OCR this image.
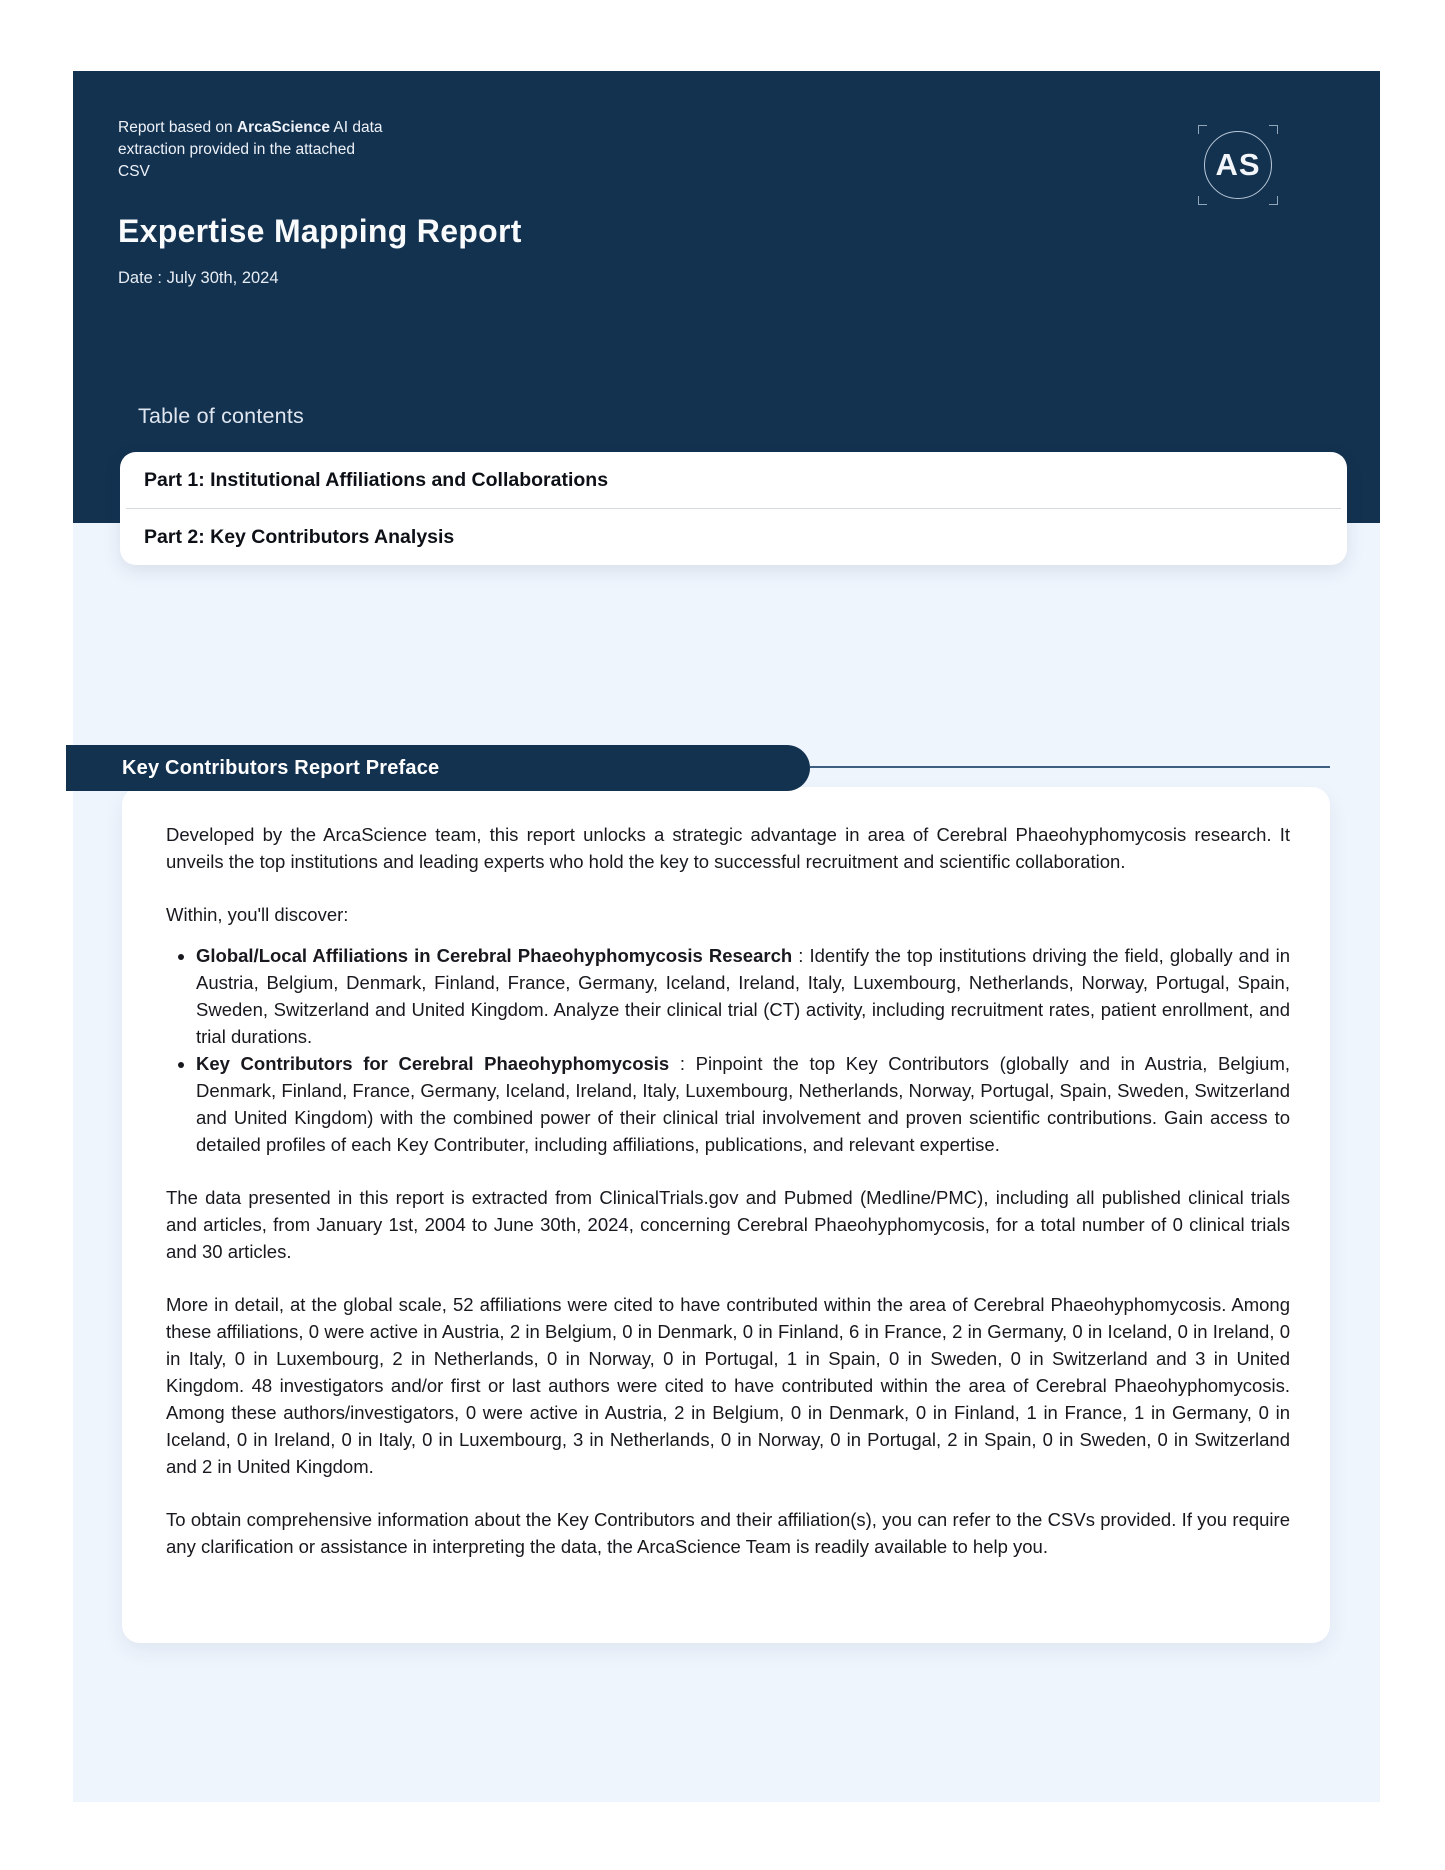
Report based on ArcaScience AI data extraction provided in the attached CSV	AS
Expertise Mapping Report
Date : July 30th, 2024
Table of contents
Part 1: Institutional Affiliations and Collaborations
Part 2: Key Contributors Analysis
Key Contributors Report Preface

Developed by the ArcaScience team, this report unlocks a strategic advantage in area of Cerebral Phaeohyphomycosis research. It unveils the top institutions and leading experts who hold the key to successful recruitment and scientific collaboration.

Within, you'll discover:

• Global/Local Affiliations in Cerebral Phaeohyphomycosis Research : Identify the top institutions driving the field, globally and in Austria, Belgium, Denmark, Finland, France, Germany, Iceland, Ireland, Italy, Luxembourg, Netherlands, Norway, Portugal, Spain, Sweden, Switzerland and United Kingdom. Analyze their clinical trial (CT) activity, including recruitment rates, patient enrollment, and trial durations.
• Key Contributors for Cerebral Phaeohyphomycosis : Pinpoint the top Key Contributors (globally and in Austria, Belgium, Denmark, Finland, France, Germany, Iceland, Ireland, Italy, Luxembourg, Netherlands, Norway, Portugal, Spain, Sweden, Switzerland and United Kingdom) with the combined power of their clinical trial involvement and proven scientific contributions. Gain access to detailed profiles of each Key Contributer, including affiliations, publications, and relevant expertise.

The data presented in this report is extracted from ClinicalTrials.gov and Pubmed (Medline/PMC), including all published clinical trials and articles, from January 1st, 2004 to June 30th, 2024, concerning Cerebral Phaeohyphomycosis, for a total number of 0 clinical trials and 30 articles.

More in detail, at the global scale, 52 affiliations were cited to have contributed within the area of Cerebral Phaeohyphomycosis. Among these affiliations, 0 were active in Austria, 2 in Belgium, 0 in Denmark, 0 in Finland, 6 in France, 2 in Germany, 0 in Iceland, 0 in Ireland, 0 in Italy, 0 in Luxembourg, 2 in Netherlands, 0 in Norway, 0 in Portugal, 1 in Spain, 0 in Sweden, 0 in Switzerland and 3 in United Kingdom. 48 investigators and/or first or last authors were cited to have contributed within the area of Cerebral Phaeohyphomycosis. Among these authors/investigators, 0 were active in Austria, 2 in Belgium, 0 in Denmark, 0 in Finland, 1 in France, 1 in Germany, 0 in Iceland, 0 in Ireland, 0 in Italy, 0 in Luxembourg, 3 in Netherlands, 0 in Norway, 0 in Portugal, 2 in Spain, 0 in Sweden, 0 in Switzerland and 2 in United Kingdom.

To obtain comprehensive information about the Key Contributors and their affiliation(s), you can refer to the CSVs provided. If you require any clarification or assistance in interpreting the data, the ArcaScience Team is readily available to help you.
